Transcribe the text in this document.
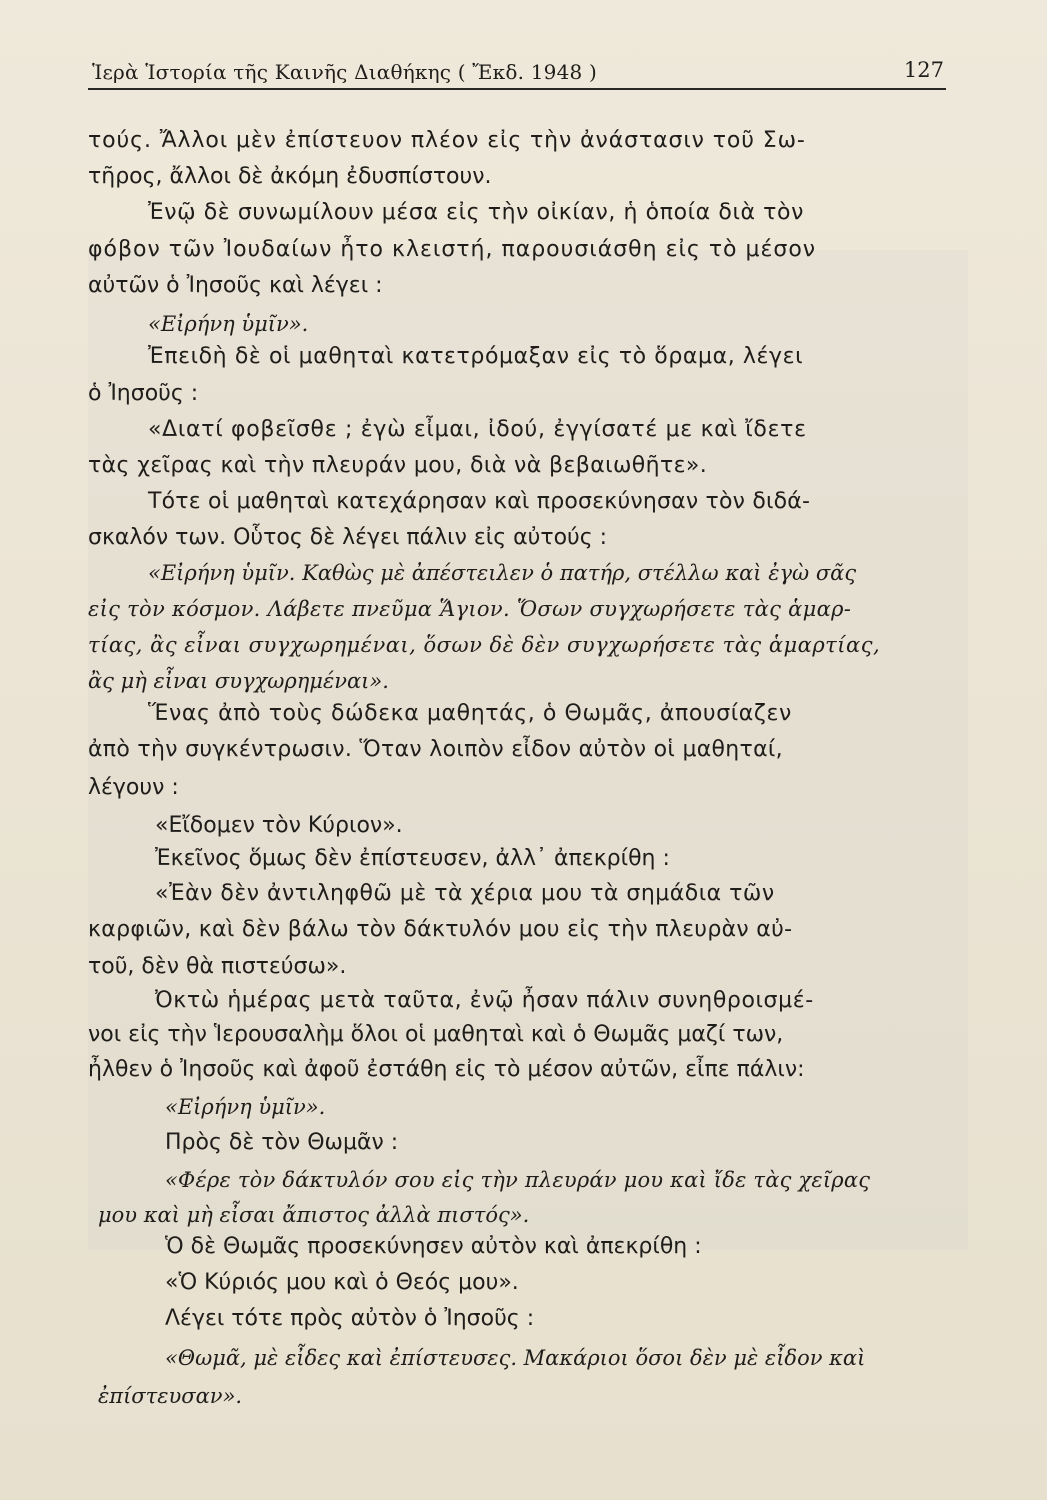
Ἱερὰ Ἱστορία τῆς Καινῆς Διαθήκης ( Ἔκδ. 1948 )	127
τούς. Ἄλλοι μὲν ἐπίστευον πλέον εἰς τὴν ἀνάστασιν τοῦ Σω-
τῆρος, ἄλλοι δὲ ἀκόμη ἐδυσπίστουν.
Ἐνῷ δὲ συνωμίλουν μέσα εἰς τὴν οἰκίαν, ἡ ὁποία διὰ τὸν
φόβον τῶν Ἰουδαίων ἦτο κλειστή, παρουσιάσθη εἰς τὸ μέσον
αὐτῶν ὁ Ἰησοῦς καὶ λέγει :
«Εἰρήνη ὑμῖν».
Ἐπειδὴ δὲ οἱ μαθηταὶ κατετρόμαξαν εἰς τὸ ὅραμα, λέγει
ὁ Ἰησοῦς :
«Διατί φοβεῖσθε ; ἐγὼ εἶμαι, ἰδού, ἐγγίσατέ με καὶ ἴδετε
τὰς χεῖρας καὶ τὴν πλευράν μου, διὰ νὰ βεβαιωθῆτε».
Τότε οἱ μαθηταὶ κατεχάρησαν καὶ προσεκύνησαν τὸν διδά-
σκαλόν των. Οὗτος δὲ λέγει πάλιν εἰς αὐτούς :
«Εἰρήνη ὑμῖν. Καθὼς μὲ ἀπέστειλεν ὁ πατήρ, στέλλω καὶ ἐγὼ σᾶς
εἰς τὸν κόσμον. Λάβετε πνεῦμα Ἅγιον. Ὅσων συγχωρήσετε τὰς ἁμαρ-
τίας, ἂς εἶναι συγχωρημέναι, ὅσων δὲ δὲν συγχωρήσετε τὰς ἁμαρτίας,
ἂς μὴ εἶναι συγχωρημέναι».
Ἕνας ἀπὸ τοὺς δώδεκα μαθητάς, ὁ Θωμᾶς, ἀπουσίαζεν
ἀπὸ τὴν συγκέντρωσιν. Ὅταν λοιπὸν εἶδον αὐτὸν οἱ μαθηταί,
λέγουν :
«Εἴδομεν τὸν Κύριον».
Ἐκεῖνος ὅμως δὲν ἐπίστευσεν, ἀλλ᾽ ἀπεκρίθη :
«Ἐὰν δὲν ἀντιληφθῶ μὲ τὰ χέρια μου τὰ σημάδια τῶν
καρφιῶν, καὶ δὲν βάλω τὸν δάκτυλόν μου εἰς τὴν πλευρὰν αὐ-
τοῦ, δὲν θὰ πιστεύσω».
Ὀκτὼ ἡμέρας μετὰ ταῦτα, ἐνῷ ἦσαν πάλιν συνηθροισμέ-
νοι εἰς τὴν Ἱερουσαλὴμ ὅλοι οἱ μαθηταὶ καὶ ὁ Θωμᾶς μαζί των,
ἦλθεν ὁ Ἰησοῦς καὶ ἀφοῦ ἐστάθη εἰς τὸ μέσον αὐτῶν, εἶπε πάλιν:
«Εἰρήνη ὑμῖν».
Πρὸς δὲ τὸν Θωμᾶν :
«Φέρε τὸν δάκτυλόν σου εἰς τὴν πλευράν μου καὶ ἴδε τὰς χεῖρας
μου καὶ μὴ εἶσαι ἄπιστος ἀλλὰ πιστός».
Ὁ δὲ Θωμᾶς προσεκύνησεν αὐτὸν καὶ ἀπεκρίθη :
«Ὁ Κύριός μου καὶ ὁ Θεός μου».
Λέγει τότε πρὸς αὐτὸν ὁ Ἰησοῦς :
«Θωμᾶ, μὲ εἶδες καὶ ἐπίστευσες. Μακάριοι ὅσοι δὲν μὲ εἶδον καὶ
ἐπίστευσαν».
